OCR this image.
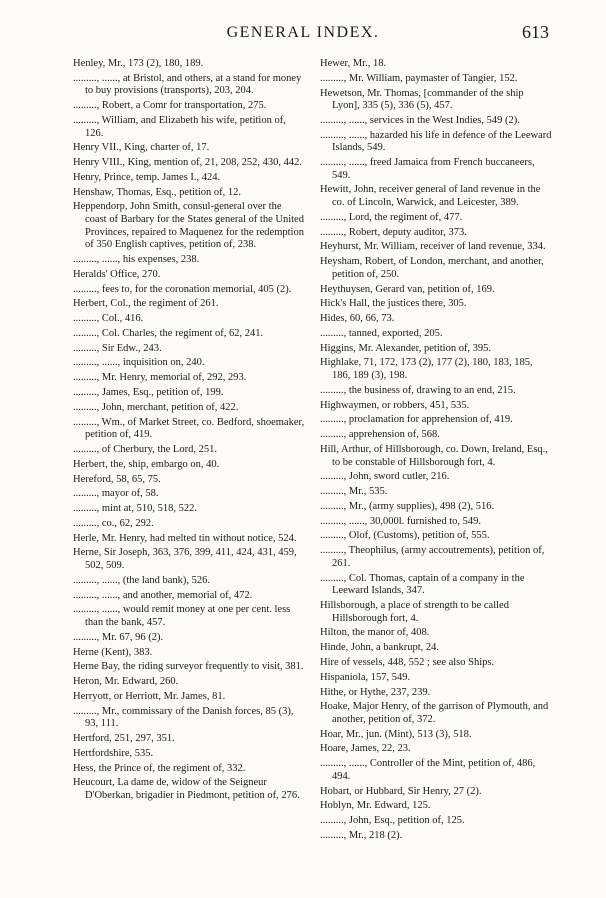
GENERAL INDEX.	613
Henley, Mr., 173 (2), 180, 189.
........., ......, at Bristol, and others, at a stand for money to buy provisions (transports), 203, 204.
........., Robert, a Comr for transportation, 275.
........., William, and Elizabeth his wife, petition of, 126.
Henry VII., King, charter of, 17.
Henry VIII., King, mention of, 21, 208, 252, 430, 442.
Henry, Prince, temp. James I., 424.
Henshaw, Thomas, Esq., petition of, 12.
Heppendorp, John Smith, consul-general over the coast of Barbary for the States general of the United Provinces, repaired to Maquenez for the redemption of 350 English captives, petition of, 238.
........., ......, his expenses, 238.
Heralds' Office, 270.
........., fees to, for the coronation memorial, 405 (2).
Herbert, Col., the regiment of 261.
........., Col., 416.
........., Col. Charles, the regiment of, 62, 241.
........., Sir Edw., 243.
........., ......, inquisition on, 240.
........., Mr. Henry, memorial of, 292, 293.
........., James, Esq., petition of, 199.
........., John, merchant, petition of, 422.
........., Wm., of Market Street, co. Bedford, shoemaker, petition of, 419.
........., of Cherbury, the Lord, 251.
Herbert, the, ship, embargo on, 40.
Hereford, 58, 65, 75.
........., mayor of, 58.
........., mint at, 510, 518, 522.
........., co., 62, 292.
Herle, Mr. Henry, had melted tin without notice, 524.
Herne, Sir Joseph, 363, 376, 399, 411, 424, 431, 459, 502, 509.
........., ......, (the land bank), 526.
........., ......, and another, memorial of, 472.
........., ......, would remit money at one per cent. less than the bank, 457.
........., Mr. 67, 96 (2).
Herne (Kent), 383.
Herne Bay, the riding surveyor frequently to visit, 381.
Heron, Mr. Edward, 260.
Herryott, or Herriott, Mr. James, 81.
........., Mr., commissary of the Danish forces, 85 (3), 93, 111.
Hertford, 251, 297, 351.
Hertfordshire, 535.
Hess, the Prince of, the regiment of, 332.
Heucourt, La dame de, widow of the Seigneur D'Oberkan, brigadier in Piedmont, petition of, 276.
Hewer, Mr., 18.
........., Mr. William, paymaster of Tangier, 152.
Hewetson, Mr. Thomas, [commander of the ship Lyon], 335 (5), 336 (5), 457.
........., ......, services in the West Indies, 549 (2).
........., ......, hazarded his life in defence of the Leeward Islands, 549.
........., ......, freed Jamaica from French buccaneers, 549.
Hewitt, John, receiver general of land revenue in the co. of Lincoln, Warwick, and Leicester, 389.
........., Lord, the regiment of, 477.
........., Robert, deputy auditor, 373.
Heyhurst, Mr. William, receiver of land revenue, 334.
Heysham, Robert, of London, merchant, and another, petition of, 250.
Heythuysen, Gerard van, petition of, 169.
Hick's Hall, the justices there, 305.
Hides, 60, 66, 73.
........., tanned, exported, 205.
Higgins, Mr. Alexander, petition of, 395.
Highlake, 71, 172, 173 (2), 177 (2), 180, 183, 185, 186, 189 (3), 198.
........., the business of, drawing to an end, 215.
Highwaymen, or robbers, 451, 535.
........., proclamation for apprehension of, 419.
........., apprehension of, 568.
Hill, Arthur, of Hillsborough, co. Down, Ireland, Esq., to be constable of Hillsborough fort, 4.
........., John, sword cutler, 216.
........., Mr., 535.
........., Mr., (army supplies), 498 (2), 516.
........., ......, 30,000l. furnished to, 549.
........., Olof, (Customs), petition of, 555.
........., Theophilus, (army accoutrements), petition of, 261.
........., Col. Thomas, captain of a company in the Leeward Islands, 347.
Hillsborough, a place of strength to be called Hillsborough fort, 4.
Hilton, the manor of, 408.
Hinde, John, a bankrupt, 24.
Hire of vessels, 448, 552 ; see also Ships.
Hispaniola, 157, 549.
Hithe, or Hythe, 237, 239.
Hoake, Major Henry, of the garrison of Plymouth, and another, petition of, 372.
Hoar, Mr., jun. (Mint), 513 (3), 518.
Hoare, James, 22, 23.
........., ......, Controller of the Mint, petition of, 486, 494.
Hobart, or Hubbard, Sir Henry, 27 (2).
Hoblyn, Mr. Edward, 125.
........., John, Esq., petition of, 125.
........., Mr., 218 (2).
